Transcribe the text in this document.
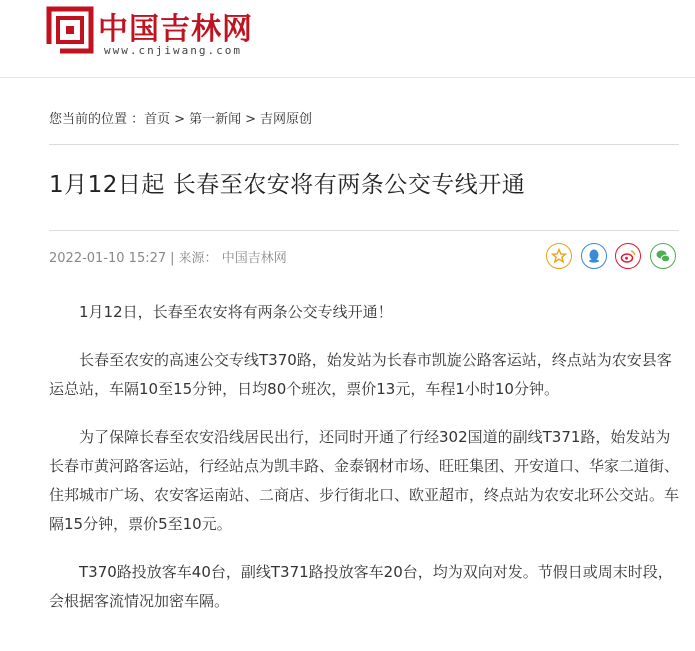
中国吉林网
www.cnjiwang.com
您当前的位置 ：首页 > 第一新闻 > 吉网原创
1月12日起 长春至农安将有两条公交专线开通
2022-01-10 15:27 | 来源： 中国吉林网

1月12日，长春至农安将有两条公交专线开通！

长春至农安的高速公交专线T370路，始发站为长春市凯旋公路客运站，终点站为农安县客运总站，车隔10至15分钟，日均80个班次，票价13元，车程1小时10分钟。

为了保障长春至农安沿线居民出行，还同时开通了行经302国道的副线T371路，始发站为长春市黄河路客运站，行经站点为凯丰路、金泰钢材市场、旺旺集团、开安道口、华家二道街、住邦城市广场、农安客运南站、二商店、步行街北口、欧亚超市，终点站为农安北环公交站。车隔15分钟，票价5至10元。

T370路投放客车40台，副线T371路投放客车20台，均为双向对发。节假日或周末时段，会根据客流情况加密车隔。
